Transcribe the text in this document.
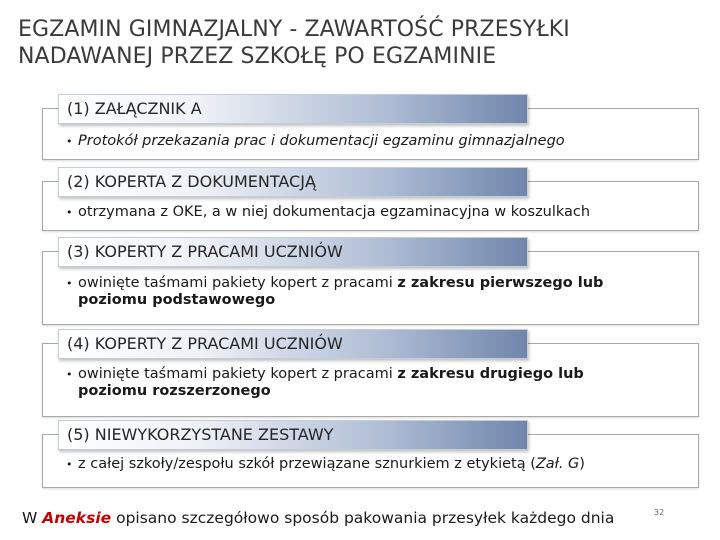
EGZAMIN GIMNAZJALNY - ZAWARTOŚĆ PRZESYŁKI
NADAWANEJ PRZEZ SZKOŁĘ PO EGZAMINIE
(1) ZAŁĄCZNIK A
• Protokół przekazania prac i dokumentacji egzaminu gimnazjalnego
(2) KOPERTA Z DOKUMENTACJĄ
• otrzymana z OKE, a w niej dokumentacja egzaminacyjna w koszulkach
(3) KOPERTY Z PRACAMI UCZNIÓW
• owinięte taśmami pakiety kopert z pracami z zakresu pierwszego lub
poziomu podstawowego
(4) KOPERTY Z PRACAMI UCZNIÓW
• owinięte taśmami pakiety kopert z pracami z zakresu drugiego lub
poziomu rozszerzonego
(5) NIEWYKORZYSTANE ZESTAWY
• z całej szkoły/zespołu szkół przewiązane sznurkiem z etykietą (Zał. G)
W Aneksie opisano szczegółowo sposób pakowania przesyłek każdego dnia	32
